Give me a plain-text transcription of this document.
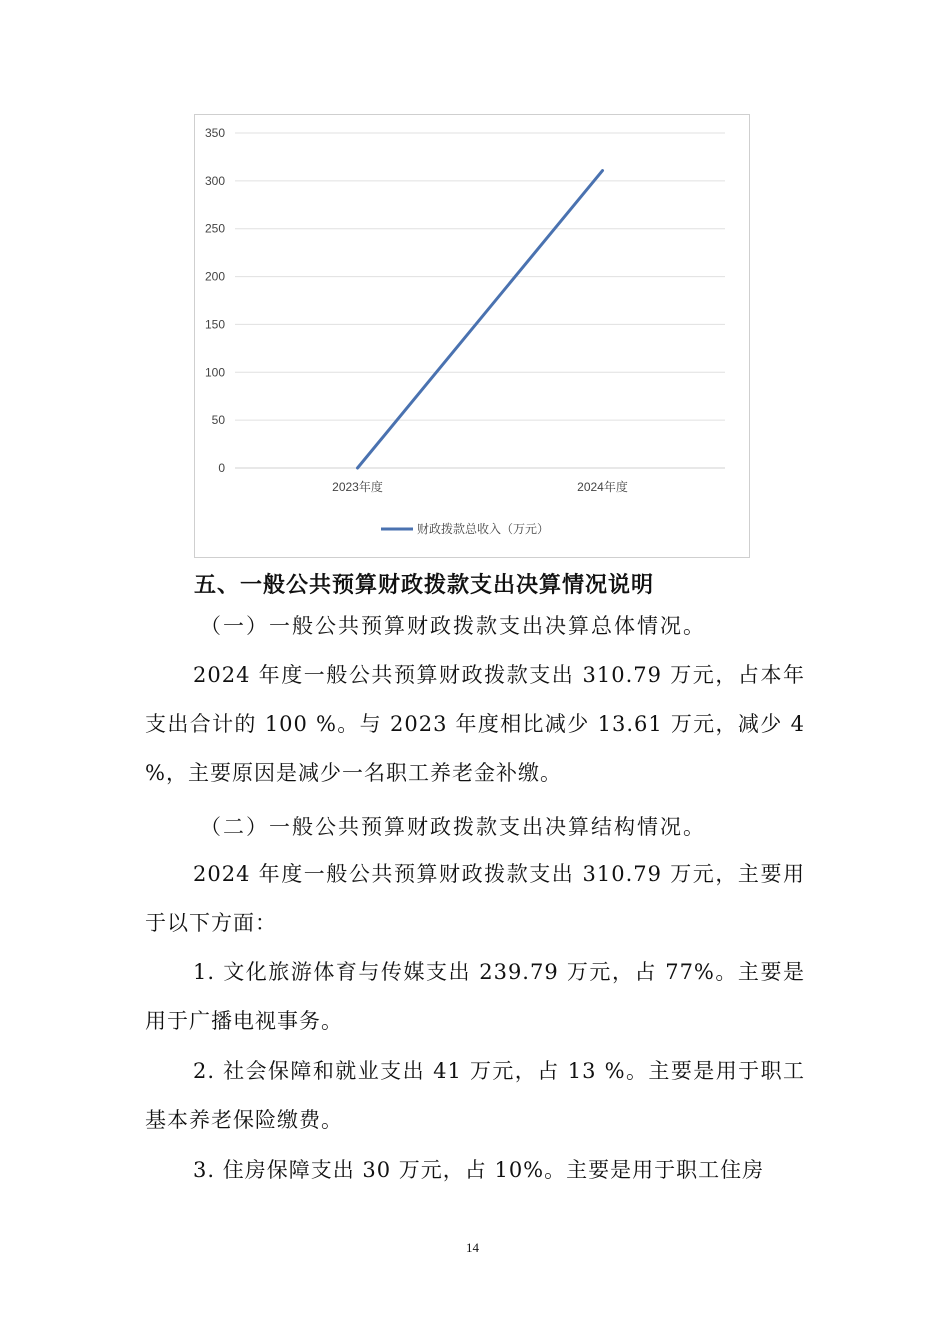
0
50
100
150
200
250
300
350
2023年度	2024年度
财政拨款总收入（万元）
五、一般公共预算财政拨款支出决算情况说明
（一）一般公共预算财政拨款支出决算总体情况。
2024 年度一般公共预算财政拨款支出 310.79 万元，占本年支出合计的 100 %。与 2023 年度相比减少 13.61 万元，减少 4 %，主要原因是减少一名职工养老金补缴。
（二）一般公共预算财政拨款支出决算结构情况。
2024 年度一般公共预算财政拨款支出 310.79 万元，主要用于以下方面：
1. 文化旅游体育与传媒支出 239.79 万元，占 77%。主要是用于广播电视事务。
2. 社会保障和就业支出 41 万元，占 13 %。主要是用于职工基本养老保险缴费。
3. 住房保障支出 30 万元，占 10%。主要是用于职工住房
14
